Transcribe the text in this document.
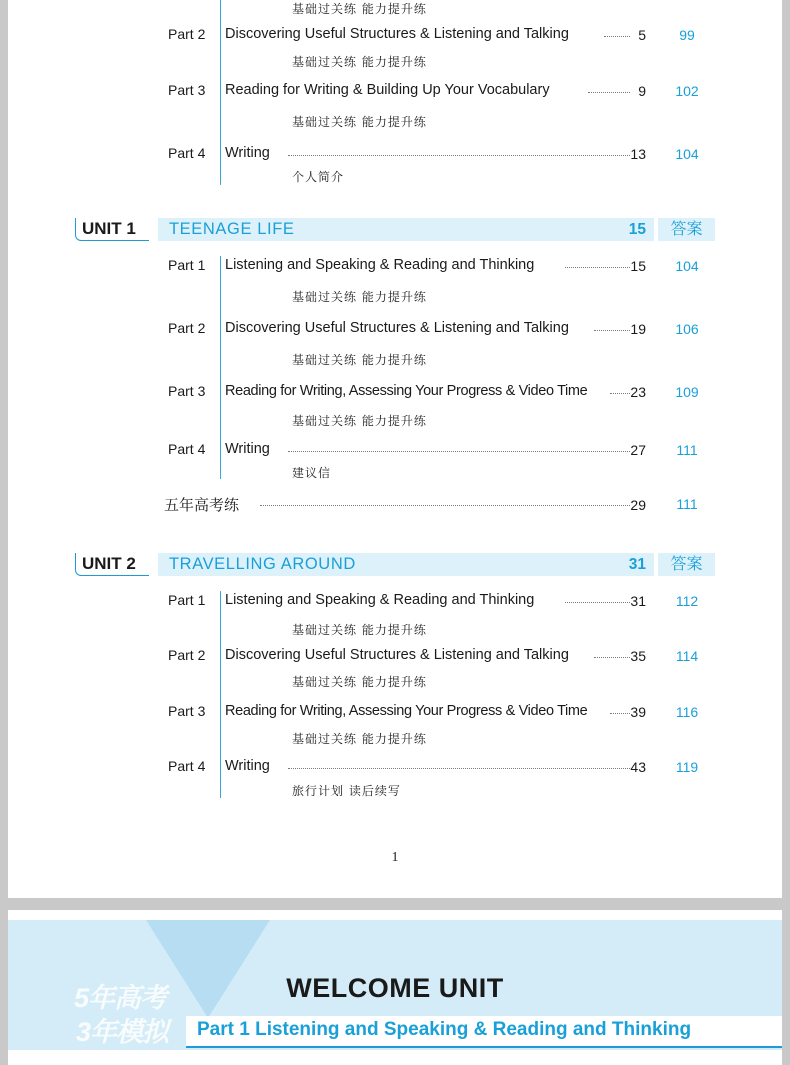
基础过关练 能力提升练
Part 2 Discovering Useful Structures & Listening and Talking	5	99
基础过关练 能力提升练
Part 3 Reading for Writing & Building Up Your Vocabulary	9	102
基础过关练 能力提升练
Part 4 Writing	13	104
个人简介
UNIT 1 TEENAGE LIFE	15	答案
Part 1 Listening and Speaking & Reading and Thinking	15	104
基础过关练 能力提升练
Part 2 Discovering Useful Structures & Listening and Talking	19	106
基础过关练 能力提升练
Part 3 Reading for Writing, Assessing Your Progress & Video Time	23	109
基础过关练 能力提升练
Part 4 Writing	27	111
建议信
五年高考练	29	111
UNIT 2 TRAVELLING AROUND	31	答案
Part 1 Listening and Speaking & Reading and Thinking	31	112
基础过关练 能力提升练
Part 2 Discovering Useful Structures & Listening and Talking	35	114
基础过关练 能力提升练
Part 3 Reading for Writing, Assessing Your Progress & Video Time	39	116
基础过关练 能力提升练
Part 4 Writing	43	119
旅行计划 读后续写
1
5年高考
3年模拟
WELCOME UNIT
Part 1 Listening and Speaking & Reading and Thinking
